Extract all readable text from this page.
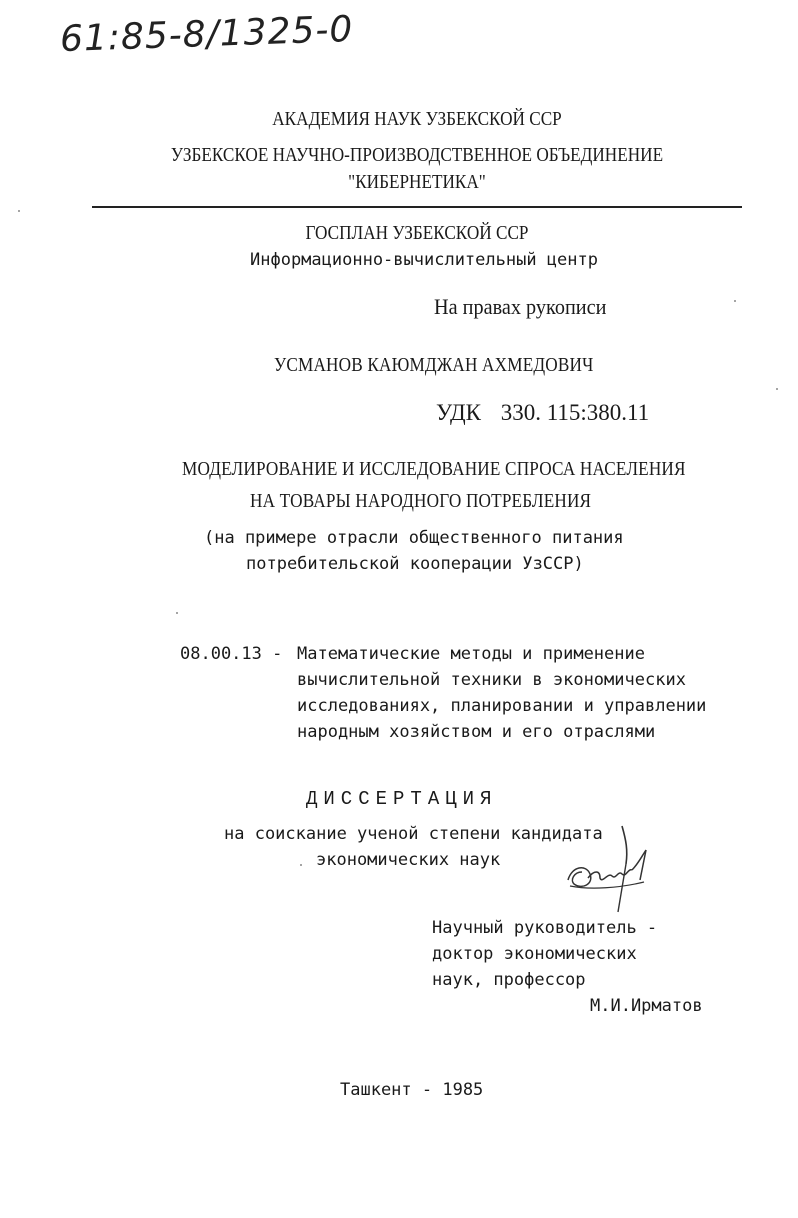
61:85-8/1325-0
АКАДЕМИЯ НАУК УЗБЕКСКОЙ ССР
УЗБЕКСКОЕ НАУЧНО-ПРОИЗВОДСТВЕННОЕ ОБЪЕДИНЕНИЕ
"КИБЕРНЕТИКА"
ГОСПЛАН УЗБЕКСКОЙ ССР
Информационно-вычислительный центр
На правах рукописи
УСМАНОВ КАЮМДЖАН АХМЕДОВИЧ
УДК 330. 115:380.11
МОДЕЛИРОВАНИЕ И ИССЛЕДОВАНИЕ СПРОСА НАСЕЛЕНИЯ
НА ТОВАРЫ НАРОДНОГО ПОТРЕБЛЕНИЯ
(на примере отрасли общественного питания
потребительской кооперации УзССР)
08.00.13 - Математические методы и применение
вычислительной техники в экономических
исследованиях, планировании и управлении
народным хозяйством и его отраслями
ДИССЕРТАЦИЯ
на соискание ученой степени кандидата
экономических наук
Научный руководитель -
доктор экономических
наук, профессор
М.И.Ирматов
Ташкент - 1985
